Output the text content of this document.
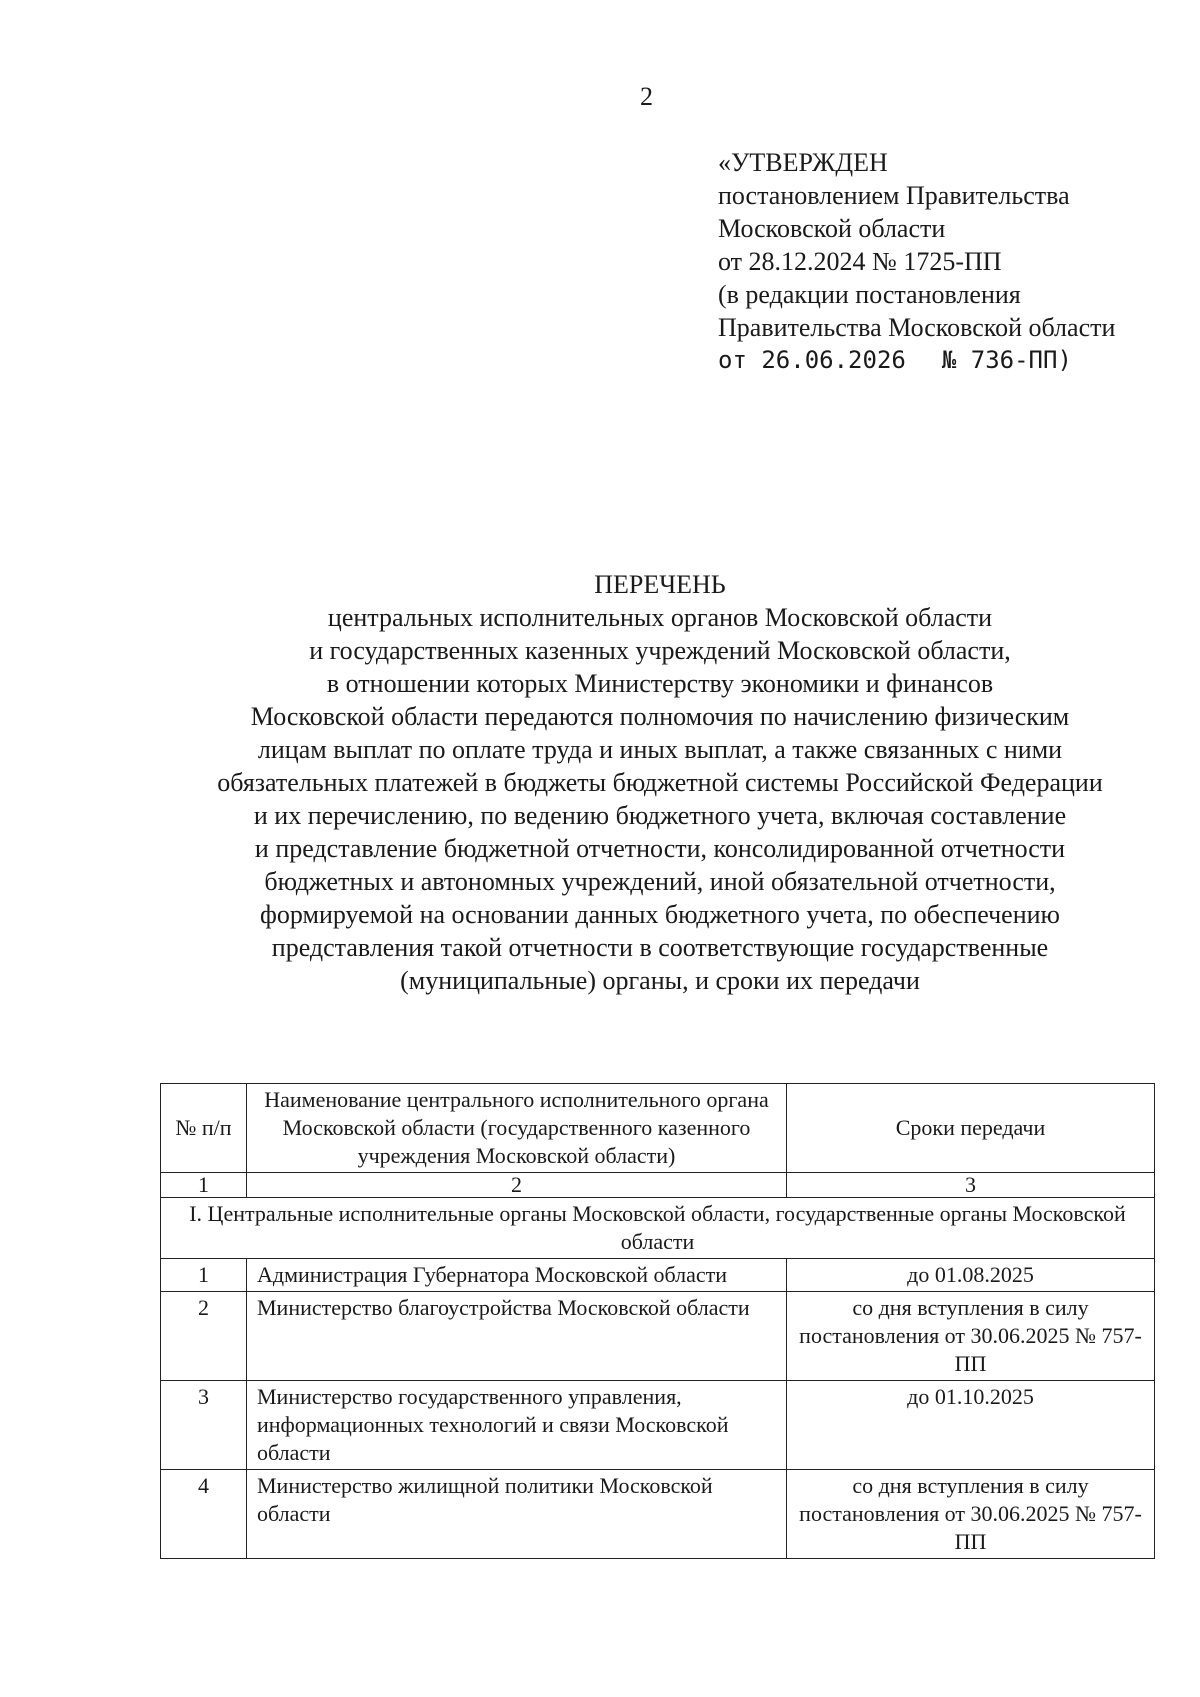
2
«УТВЕРЖДЕН
постановлением Правительства
Московской области
от 28.12.2024 № 1725-ПП
(в редакции постановления
Правительства Московской области
от 26.06.2026 № 736-ПП)
ПЕРЕЧЕНЬ
центральных исполнительных органов Московской области
и государственных казенных учреждений Московской области,
в отношении которых Министерству экономики и финансов
Московской области передаются полномочия по начислению физическим
лицам выплат по оплате труда и иных выплат, а также связанных с ними
обязательных платежей в бюджеты бюджетной системы Российской Федерации
и их перечислению, по ведению бюджетного учета, включая составление
и представление бюджетной отчетности, консолидированной отчетности
бюджетных и автономных учреждений, иной обязательной отчетности,
формируемой на основании данных бюджетного учета, по обеспечению
представления такой отчетности в соответствующие государственные
(муниципальные) органы, и сроки их передачи
№ п/п	Наименование центрального исполнительного органа Московской области (государственного казенного учреждения Московской области)	Сроки передачи
1	2	3
I. Центральные исполнительные органы Московской области, государственные органы Московской области		
1	Администрация Губернатора Московской области	до 01.08.2025
2	Министерство благоустройства Московской области	со дня вступления в силу постановления от 30.06.2025 № 757-ПП
3	Министерство государственного управления, информационных технологий и связи Московской области	до 01.10.2025
4	Министерство жилищной политики Московской области	со дня вступления в силу постановления от 30.06.2025 № 757-ПП
